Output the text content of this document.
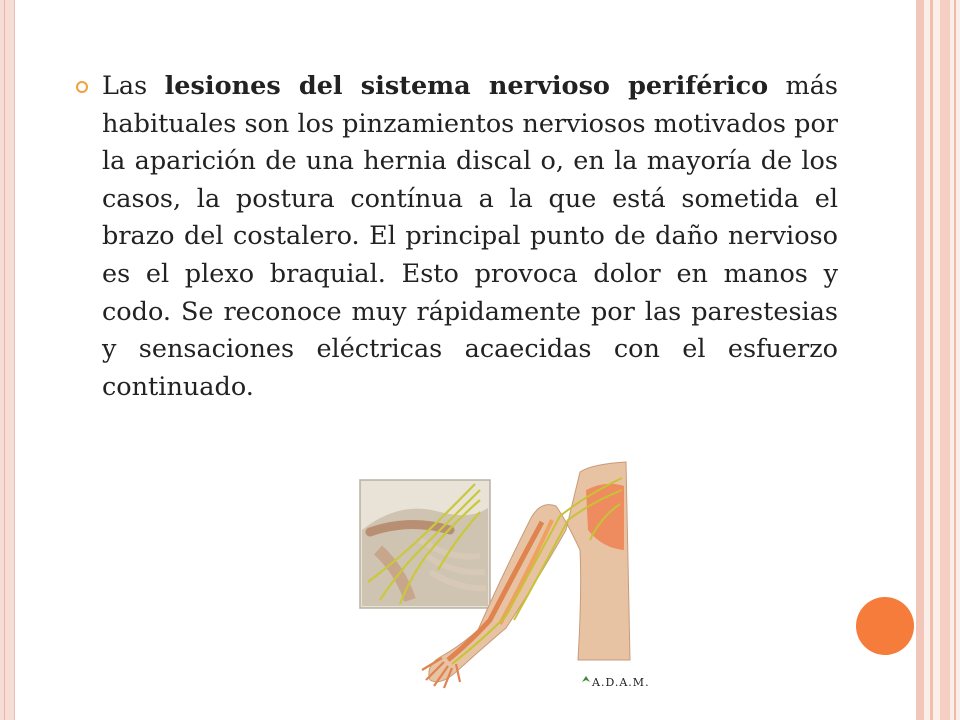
Las lesiones del sistema nervioso periférico más habituales son los pinzamientos nerviosos motivados por la aparición de una hernia discal o, en la mayoría de los casos, la postura contínua a la que está sometida el brazo del costalero. El principal punto de daño nervioso es el plexo braquial. Esto provoca dolor en manos y codo. Se reconoce muy rápidamente por las parestesias y sensaciones eléctricas acaecidas con el esfuerzo continuado.
A.D.A.M.
